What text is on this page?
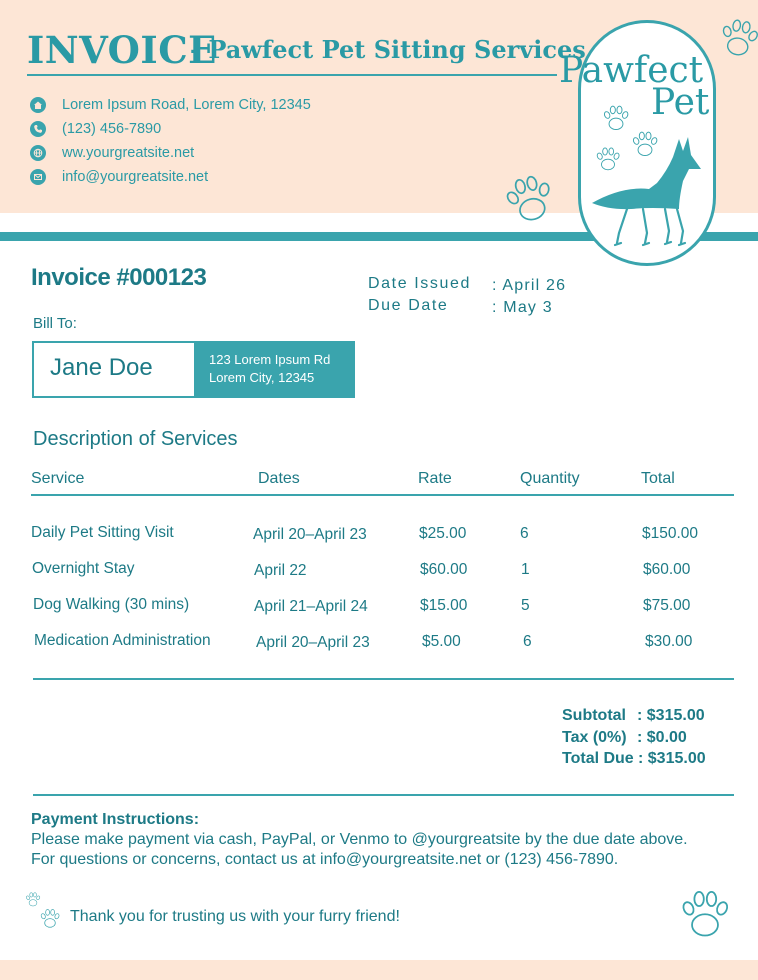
INVOICE
- Pawfect Pet Sitting Services
Lorem Ipsum Road, Lorem City, 12345
(123) 456-7890
ww.yourgreatsite.net
info@yourgreatsite.net
Pawfect
Pet
Invoice #000123	Date Issued : April 26
Due Date	: May 3
Bill To:
Jane Doe	123 Lorem Ipsum Rd
Lorem City, 12345
Description of Services
Service	Dates	Rate	Quantity	Total
Daily Pet Sitting Visit	April 20–April 23	$25.00	6	$150.00
Overnight Stay	April 22	$60.00	1	$60.00
Dog Walking (30 mins)	April 21–April 24	$15.00	5	$75.00
Medication Administration	April 20–April 23	$5.00	6	$30.00
Subtotal : $315.00
Tax (0%) : $0.00
Total Due : $315.00
Payment Instructions:
Please make payment via cash, PayPal, or Venmo to @yourgreatsite by the due date above.
For questions or concerns, contact us at info@yourgreatsite.net or (123) 456-7890.
Thank you for trusting us with your furry friend!
